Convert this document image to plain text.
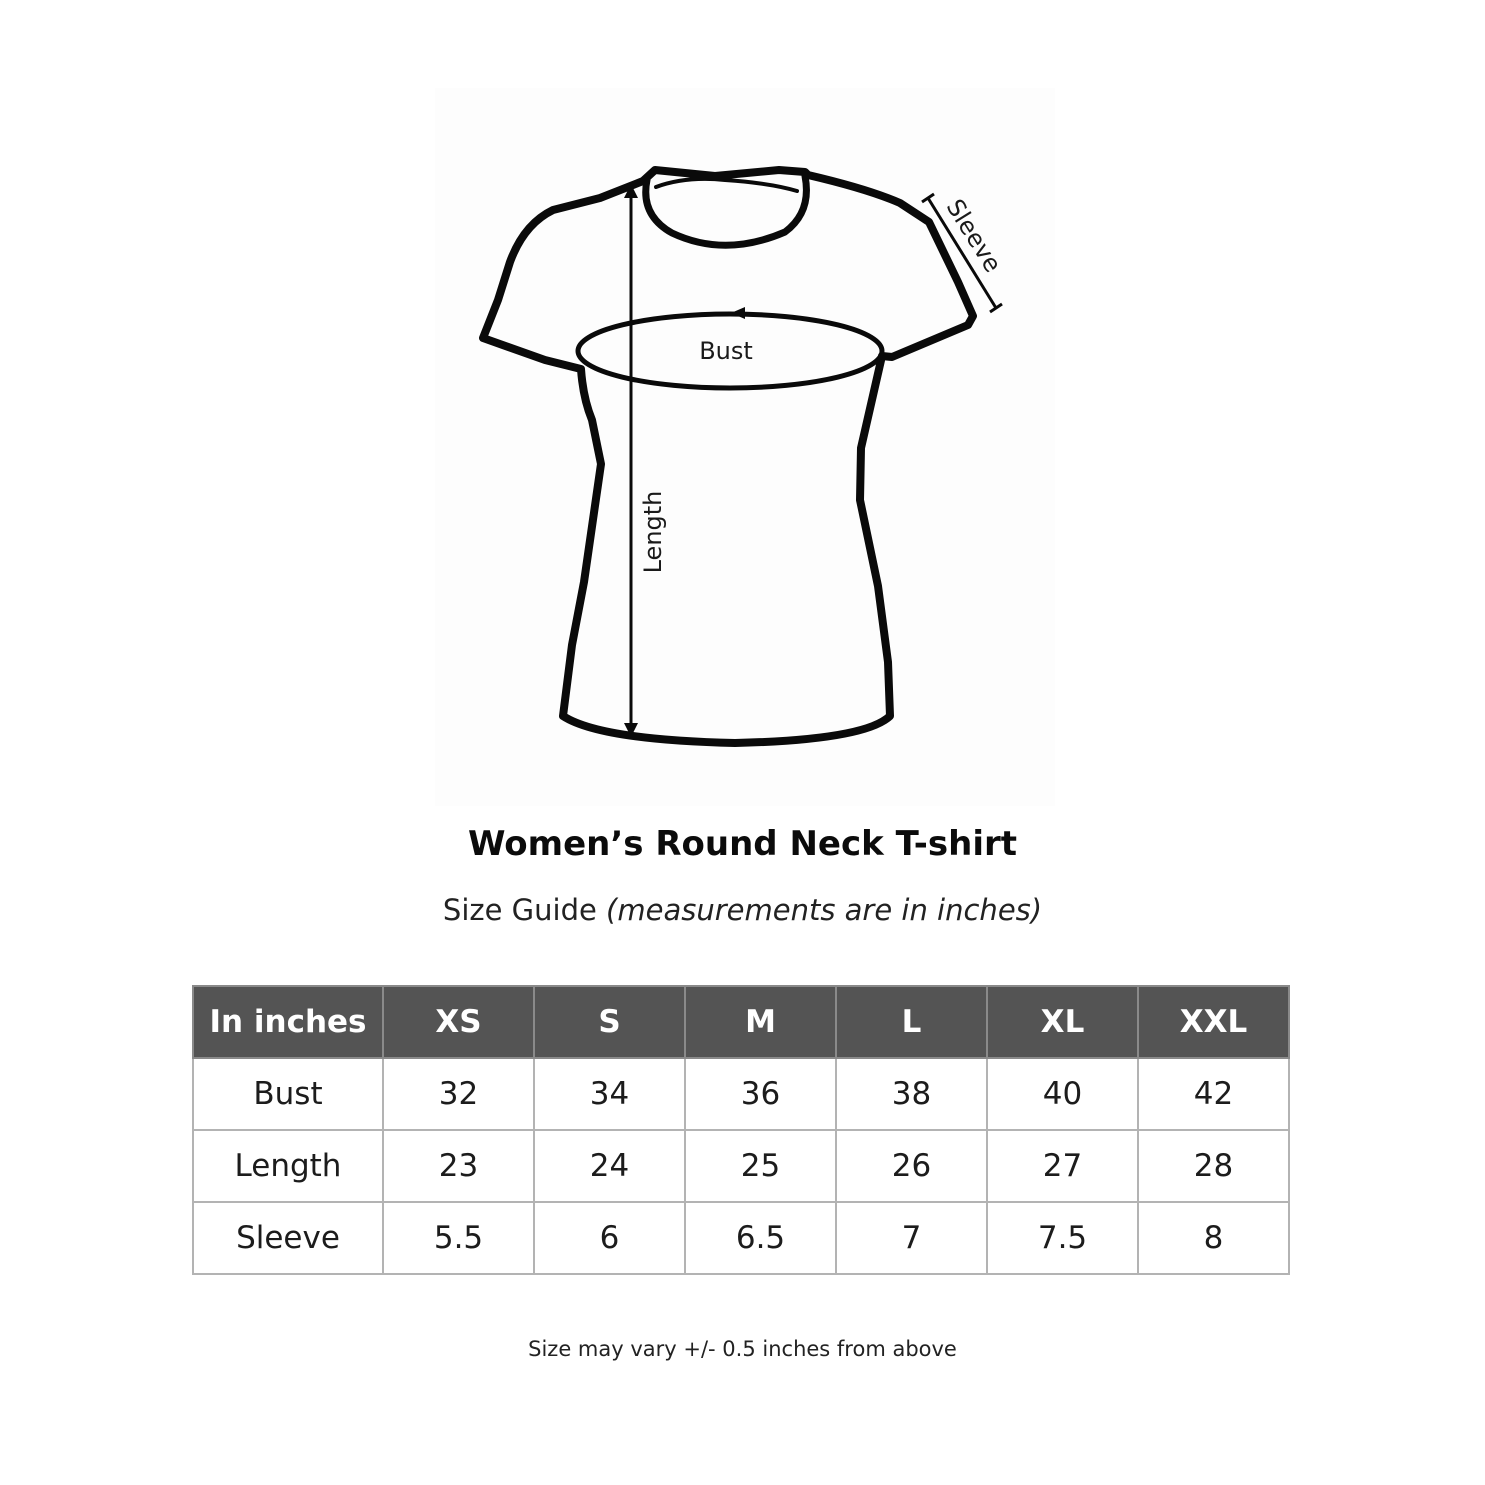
Bust
Length
Sleeve
Women’s Round Neck T-shirt
Size Guide (measurements are in inches)
In inches	XS	S	M	L	XL	XXL
Bust	32	34	36	38	40	42
Length	23	24	25	26	27	28
Sleeve	5.5	6	6.5	7	7.5	8
Size may vary +/- 0.5 inches from above
